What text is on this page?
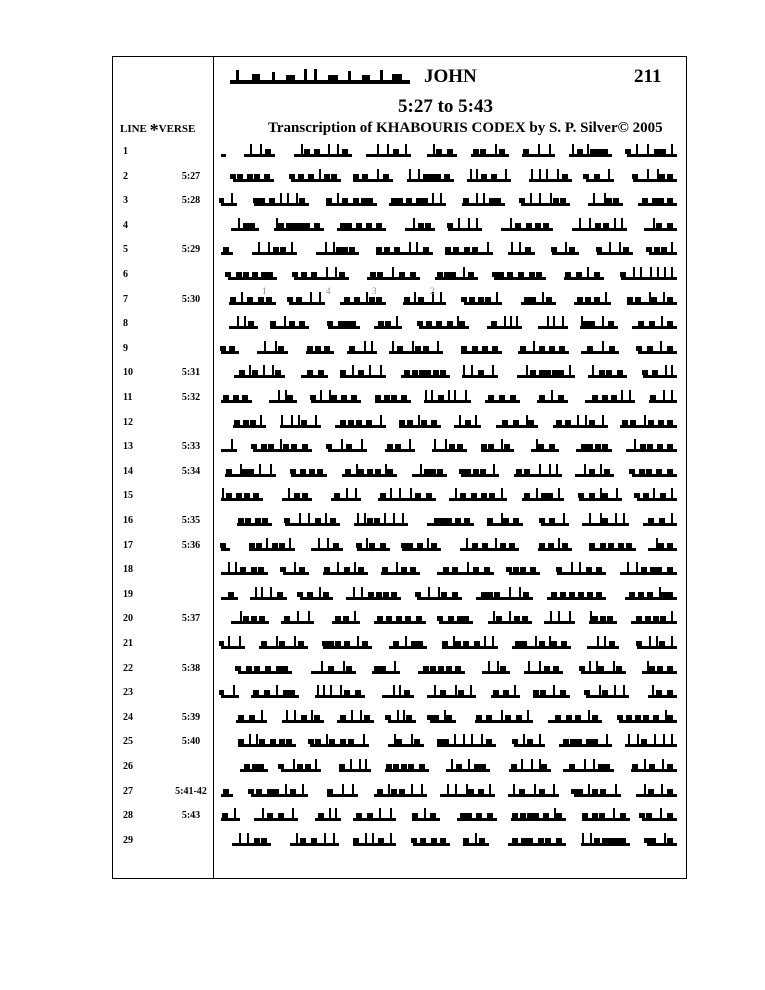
JOHN	211
5:27 to 5:43
Transcription of KHABOURIS CODEX by S. P. Silver© 2005
LINE *VERSE
1
2	5:27
3	5:28
4
5	5:29
6
7	5:30
1	4	3	2
8
9
10	5:31
11	5:32
12
13	5:33
14	5:34
15
16	5:35
17	5:36
18
19
20	5:37
21
22	5:38
23
24	5:39
25	5:40
26
27	5:41-42
28	5:43
29
